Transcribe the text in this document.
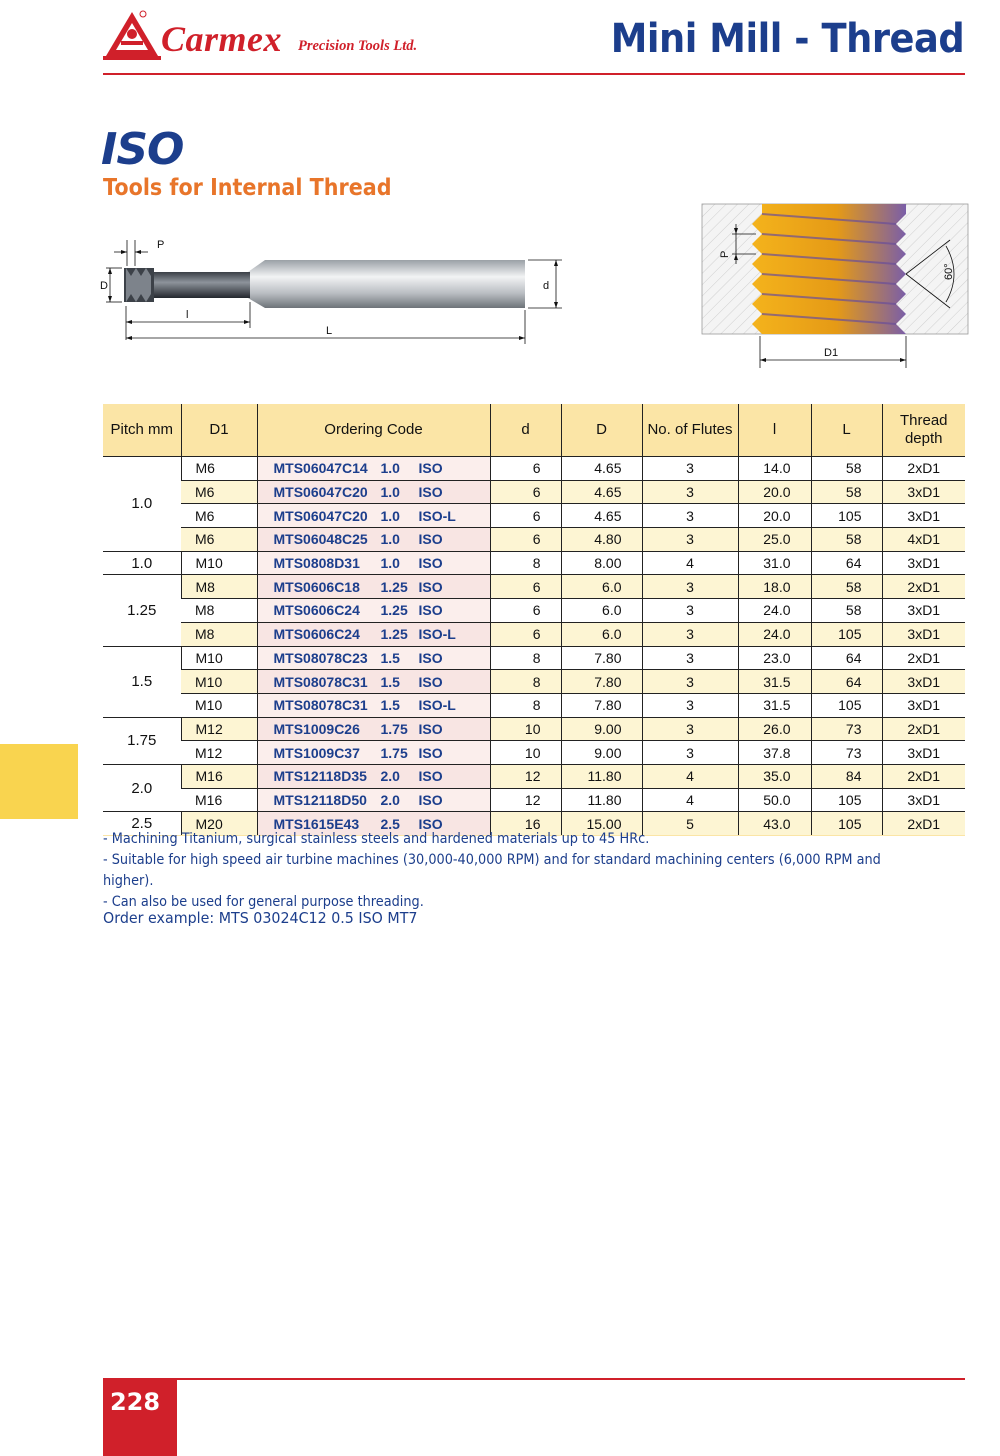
Carmex Precision Tools Ltd.	Mini Mill - Thread
ISO
Tools for Internal Thread
P
D
l
L
d
P
D1
60°
Pitch mm	D1	Ordering Code	d	D	No. of Flutes	l	L	Thread depth
1.0	M6	MTS06047C14 1.0 ISO	6	4.65	3	14.0	58	2xD1
	M6	MTS06047C20 1.0 ISO	6	4.65	3	20.0	58	3xD1
	M6	MTS06047C20 1.0 ISO-L	6	4.65	3	20.0	105	3xD1
	M6	MTS06048C25 1.0 ISO	6	4.80	3	25.0	58	4xD1
1.0	M10	MTS0808D31 1.0 ISO	8	8.00	4	31.0	64	3xD1
1.25	M8	MTS0606C18 1.25 ISO	6	6.0	3	18.0	58	2xD1
	M8	MTS0606C24 1.25 ISO	6	6.0	3	24.0	58	3xD1
	M8	MTS0606C24 1.25 ISO-L	6	6.0	3	24.0	105	3xD1
1.5	M10	MTS08078C23 1.5 ISO	8	7.80	3	23.0	64	2xD1
	M10	MTS08078C31 1.5 ISO	8	7.80	3	31.5	64	3xD1
	M10	MTS08078C31 1.5 ISO-L	8	7.80	3	31.5	105	3xD1
1.75	M12	MTS1009C26 1.75 ISO	10	9.00	3	26.0	73	2xD1
	M12	MTS1009C37 1.75 ISO	10	9.00	3	37.8	73	3xD1
2.0	M16	MTS12118D35 2.0 ISO	12	11.80	4	35.0	84	2xD1
	M16	MTS12118D50 2.0 ISO	12	11.80	4	50.0	105	3xD1
2.5	M20	MTS1615E43 2.5 ISO	16	15.00	5	43.0	105	2xD1
- Machining Titanium, surgical stainless steels and hardened materials up to 45 HRc.
- Suitable for high speed air turbine machines (30,000-40,000 RPM) and for standard machining centers (6,000 RPM and higher).
- Can also be used for general purpose threading.
Order example: MTS 03024C12 0.5 ISO MT7
228
